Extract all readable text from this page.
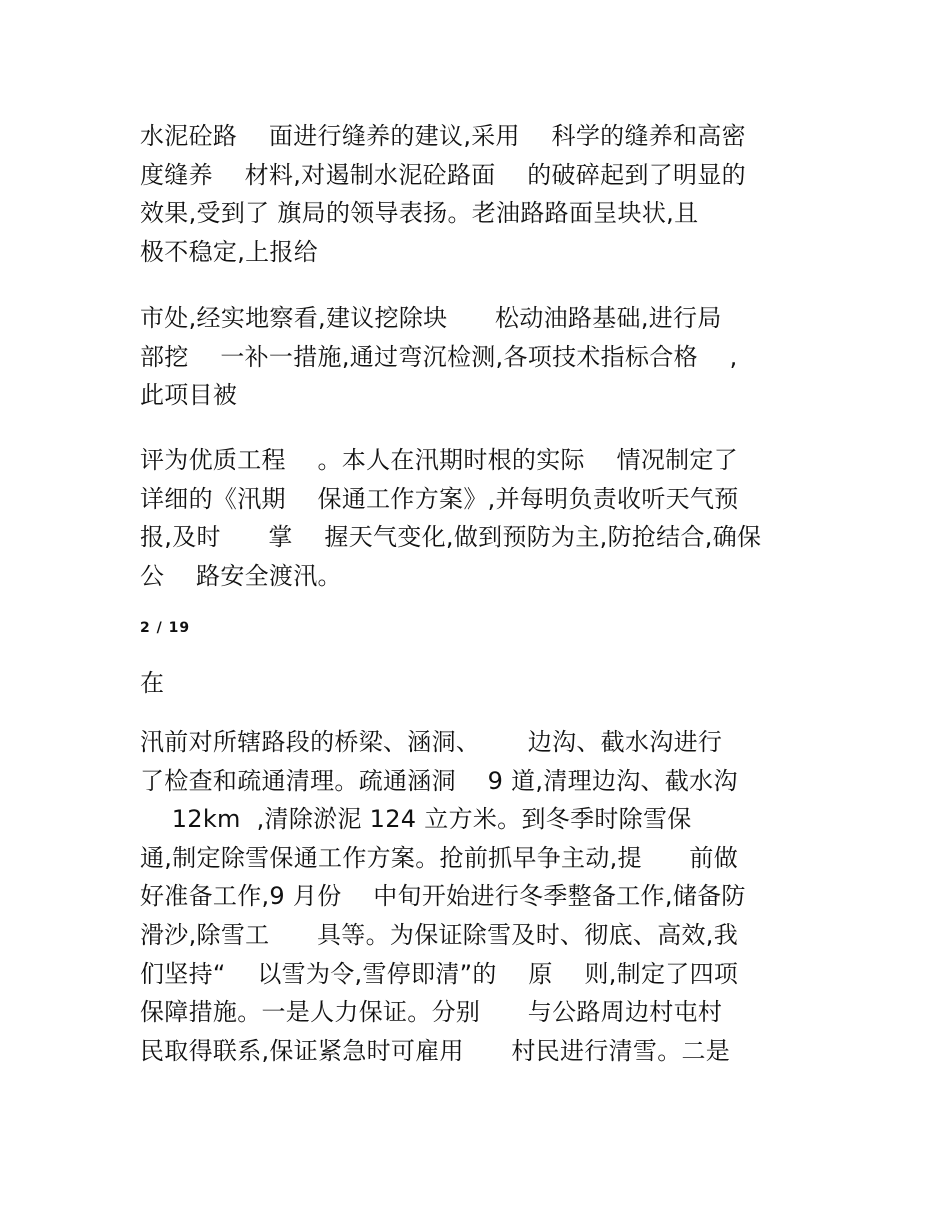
水泥砼路    面进行缝养的建议,采用    科学的缝养和高密
度缝养    材料,对遏制水泥砼路面    的破碎起到了明显的
效果,受到了 旗局的领导表扬。老油路路面呈块状,且
极不稳定,上报给
市处,经实地察看,建议挖除块      松动油路基础,进行局
部挖    一补一措施,通过弯沉检测,各项技术指标合格    ,
此项目被
评为优质工程    。本人在汛期时根的实际    情况制定了
详细的《汛期    保通工作方案》,并每明负责收听天气预
报,及时      掌    握天气变化,做到预防为主,防抢结合,确保
公    路安全渡汛。
2 / 19
在
汛前对所辖路段的桥梁、涵洞、      边沟、截水沟进行
了检查和疏通清理。疏通涵洞    9 道,清理边沟、截水沟
12km  ,清除淤泥 124 立方米。到冬季时除雪保
通,制定除雪保通工作方案。抢前抓早争主动,提      前做
好准备工作,9 月份    中旬开始进行冬季整备工作,储备防
滑沙,除雪工      具等。为保证除雪及时、彻底、高效,我
们坚持“    以雪为令,雪停即清”的    原    则,制定了四项
保障措施。一是人力保证。分别      与公路周边村屯村
民取得联系,保证紧急时可雇用      村民进行清雪。二是
